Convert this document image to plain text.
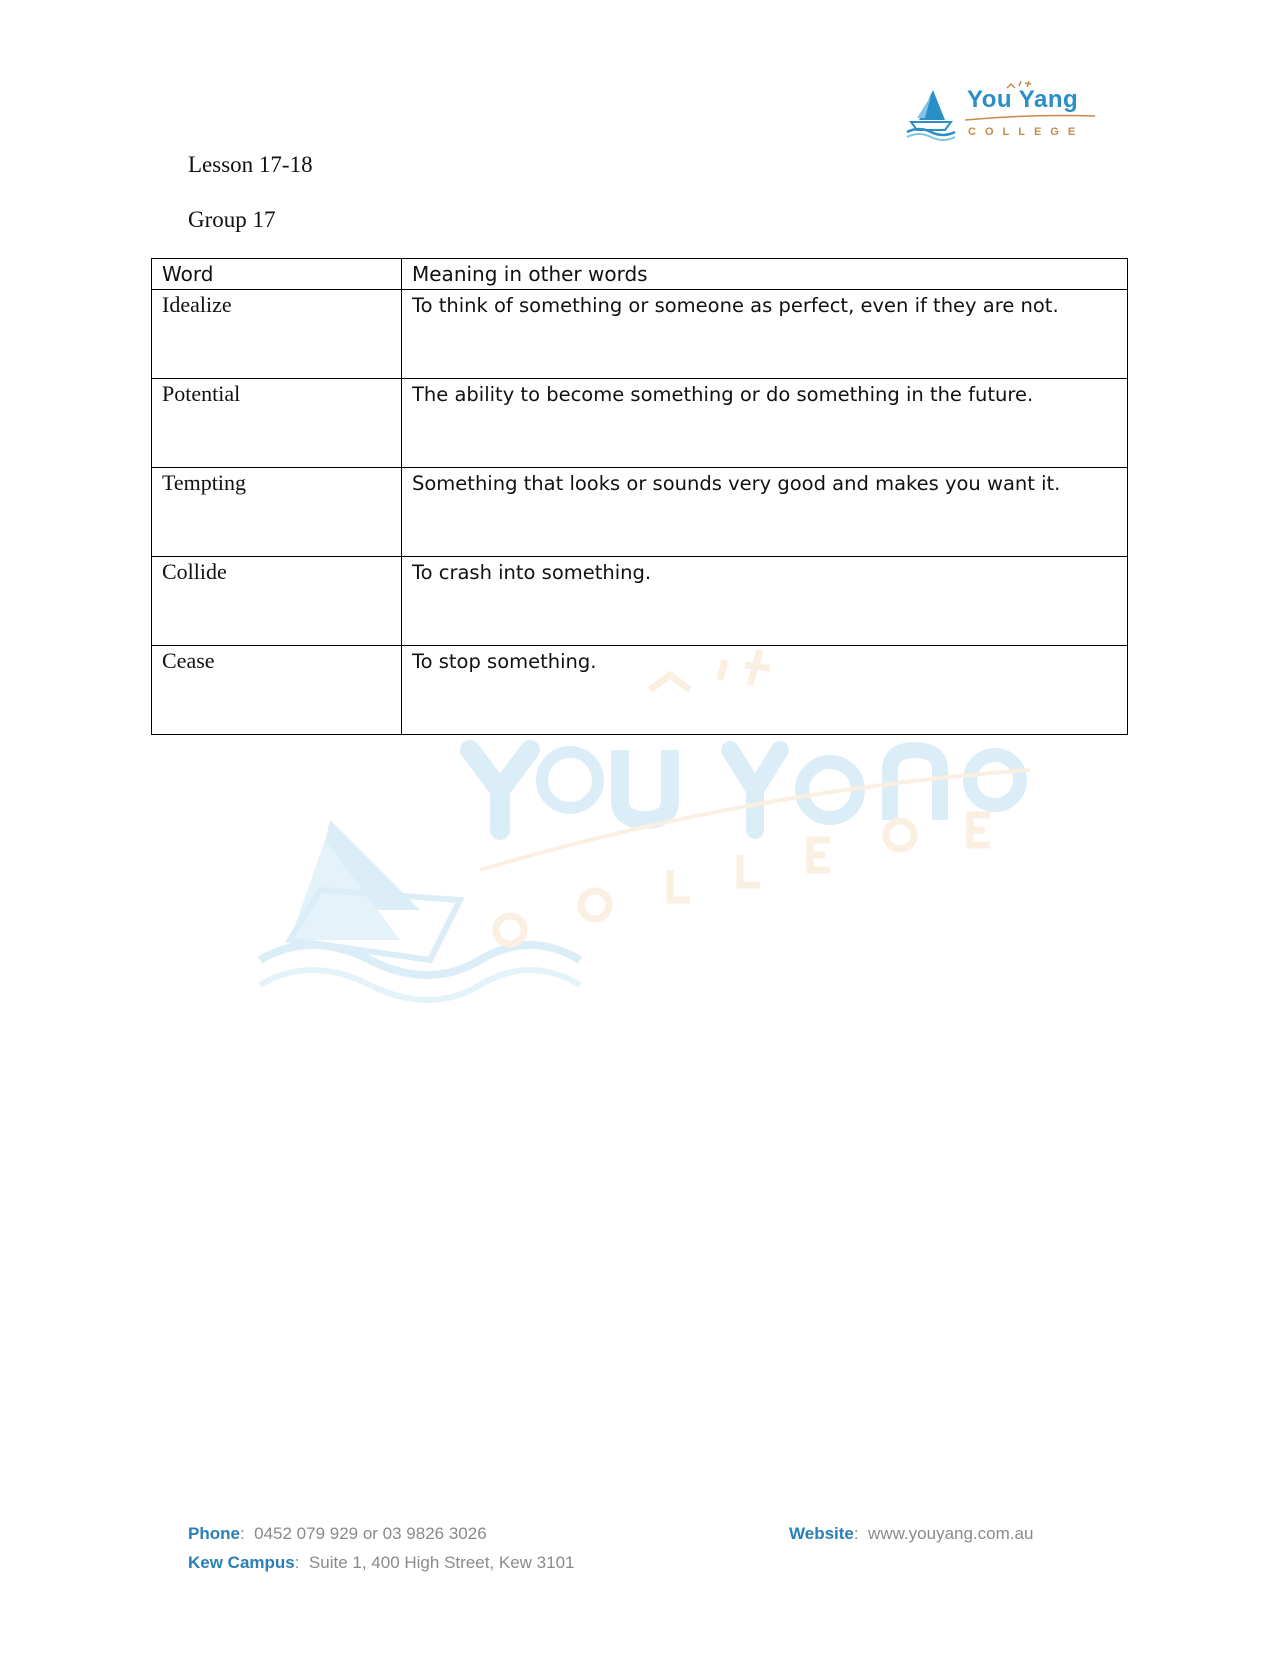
You Yang
COLLEGE
Lesson 17-18
Group 17
Word	Meaning in other words
Idealize	To think of something or someone as perfect, even if they are not.
Potential	The ability to become something or do something in the future.
Tempting	Something that looks or sounds very good and makes you want it.
Collide	To crash into something.
Cease	To stop something.
Phone:  0452 079 929 or 03 9826 3026
Kew Campus:  Suite 1, 400 High Street, Kew 3101
Website:  www.youyang.com.au
